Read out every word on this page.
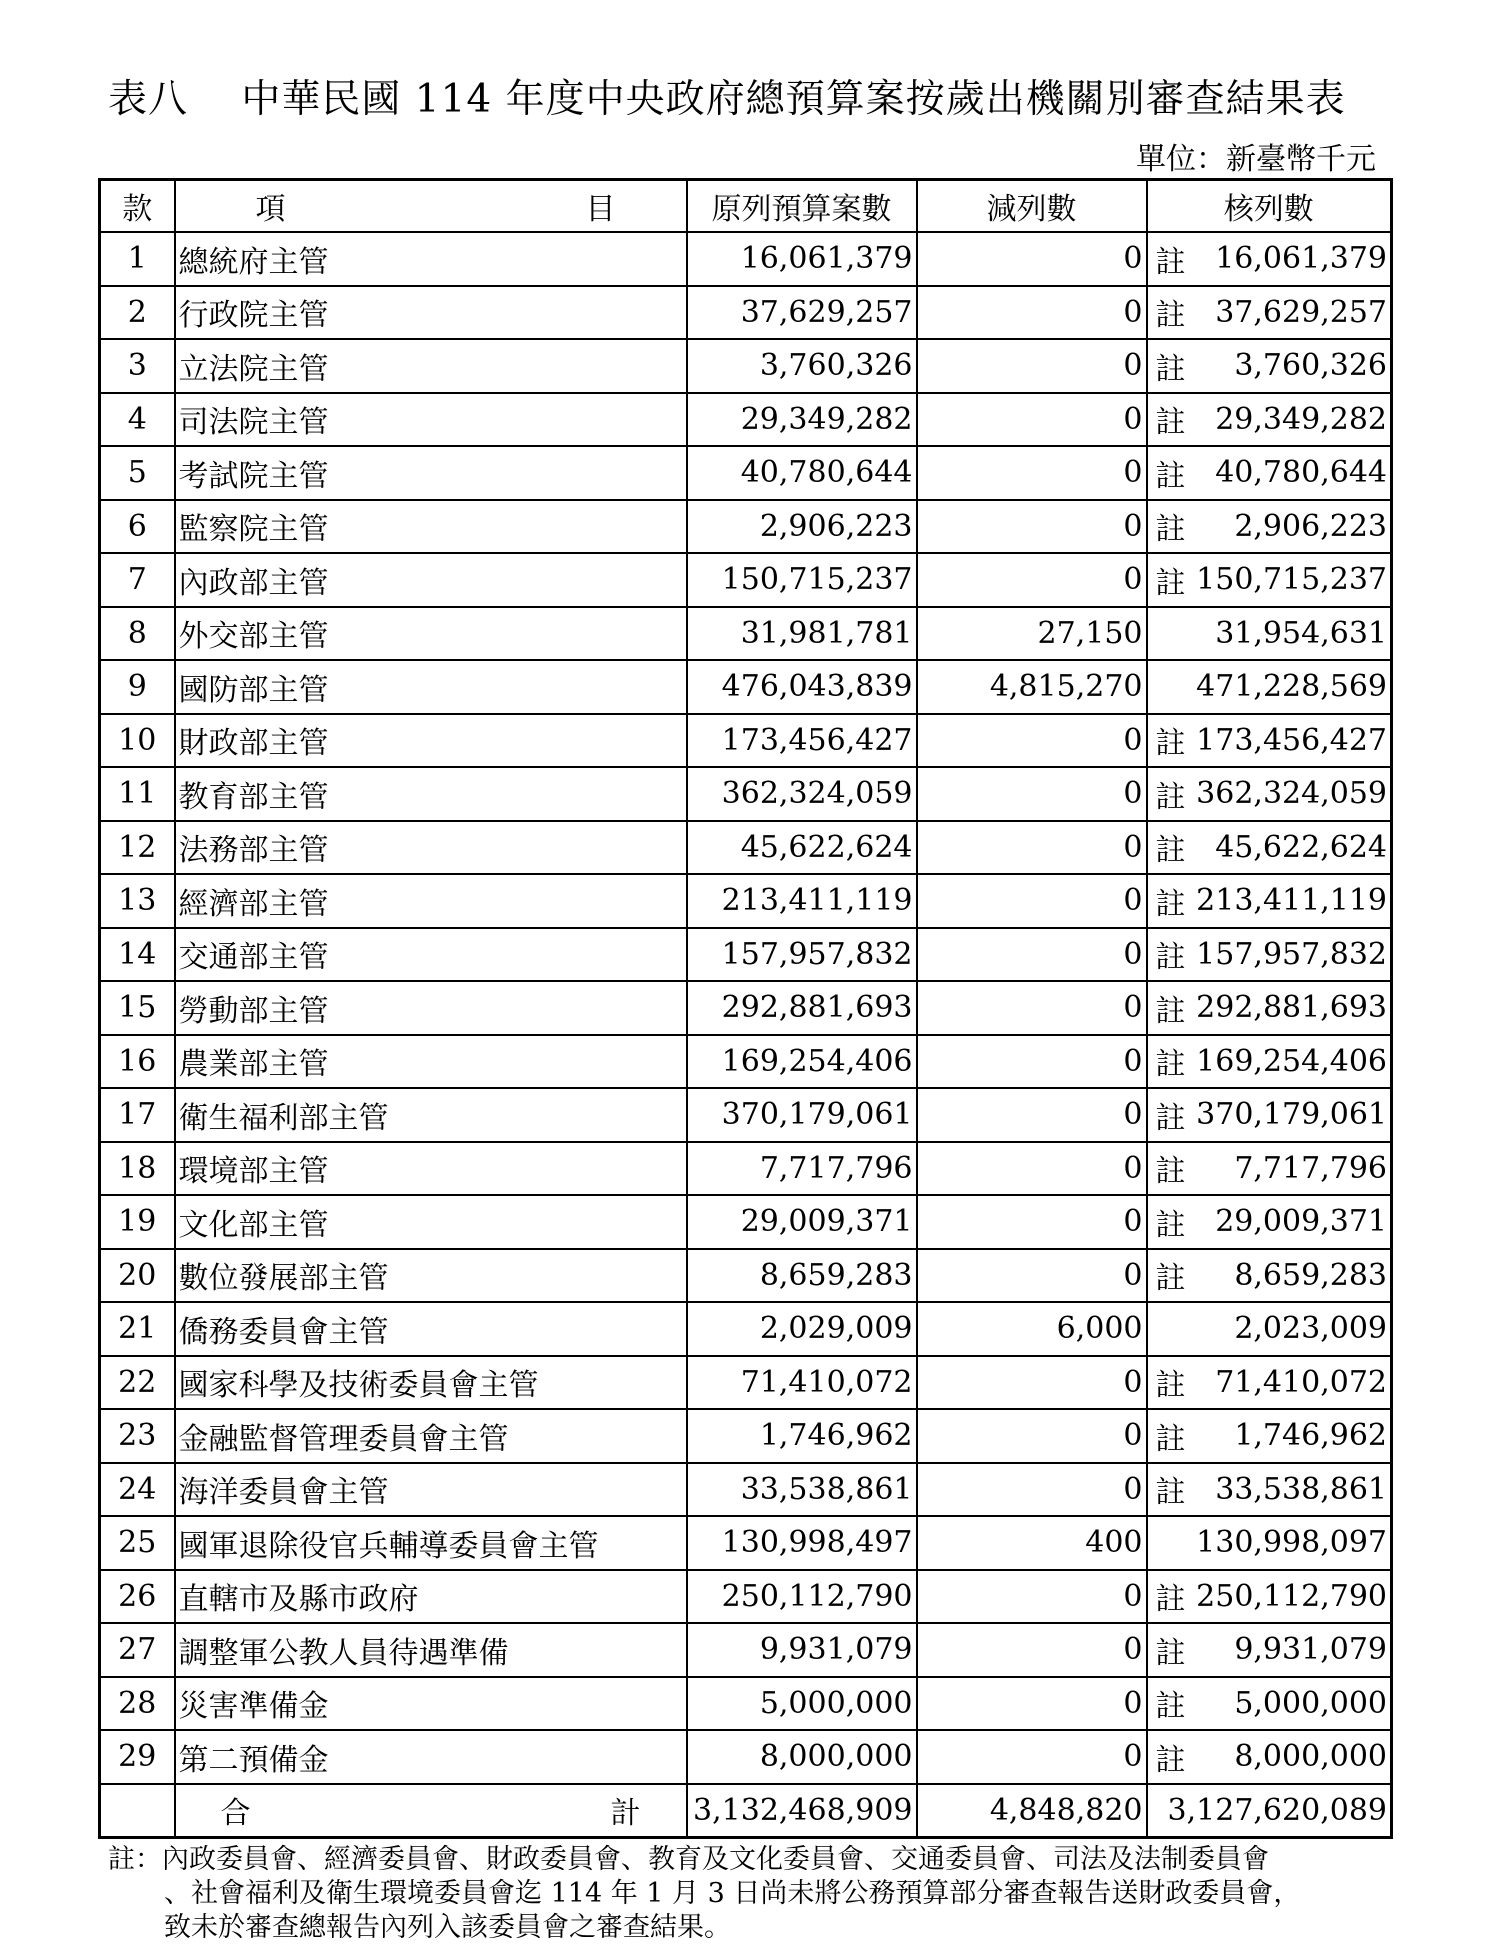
表八　 中華民國 114 年度中央政府總預算案按歲出機關別審查結果表
單位：新臺幣千元
款	項 目	原列預算案數	減列數	核列數
1	總統府主管	16,061,379	0	註 16,061,379
2	行政院主管	37,629,257	0	註 37,629,257
3	立法院主管	3,760,326	0	註 3,760,326
4	司法院主管	29,349,282	0	註 29,349,282
5	考試院主管	40,780,644	0	註 40,780,644
6	監察院主管	2,906,223	0	註 2,906,223
7	內政部主管	150,715,237	0	註 150,715,237
8	外交部主管	31,981,781	27,150	31,954,631
9	國防部主管	476,043,839	4,815,270	471,228,569
10	財政部主管	173,456,427	0	註 173,456,427
11	教育部主管	362,324,059	0	註 362,324,059
12	法務部主管	45,622,624	0	註 45,622,624
13	經濟部主管	213,411,119	0	註 213,411,119
14	交通部主管	157,957,832	0	註 157,957,832
15	勞動部主管	292,881,693	0	註 292,881,693
16	農業部主管	169,254,406	0	註 169,254,406
17	衛生福利部主管	370,179,061	0	註 370,179,061
18	環境部主管	7,717,796	0	註 7,717,796
19	文化部主管	29,009,371	0	註 29,009,371
20	數位發展部主管	8,659,283	0	註 8,659,283
21	僑務委員會主管	2,029,009	6,000	2,023,009
22	國家科學及技術委員會主管	71,410,072	0	註 71,410,072
23	金融監督管理委員會主管	1,746,962	0	註 1,746,962
24	海洋委員會主管	33,538,861	0	註 33,538,861
25	國軍退除役官兵輔導委員會主管	130,998,497	400	130,998,097
26	直轄市及縣市政府	250,112,790	0	註 250,112,790
27	調整軍公教人員待遇準備	9,931,079	0	註 9,931,079
28	災害準備金	5,000,000	0	註 5,000,000
29	第二預備金	8,000,000	0	註 8,000,000

	合 計	3,132,468,909	4,848,820	3,127,620,089
註：內政委員會、經濟委員會、財政委員會、教育及文化委員會、交通委員會、司法及法制委員會
、社會福利及衛生環境委員會迄 114 年 1 月 3 日尚未將公務預算部分審查報告送財政委員會，
致未於審查總報告內列入該委員會之審查結果。
